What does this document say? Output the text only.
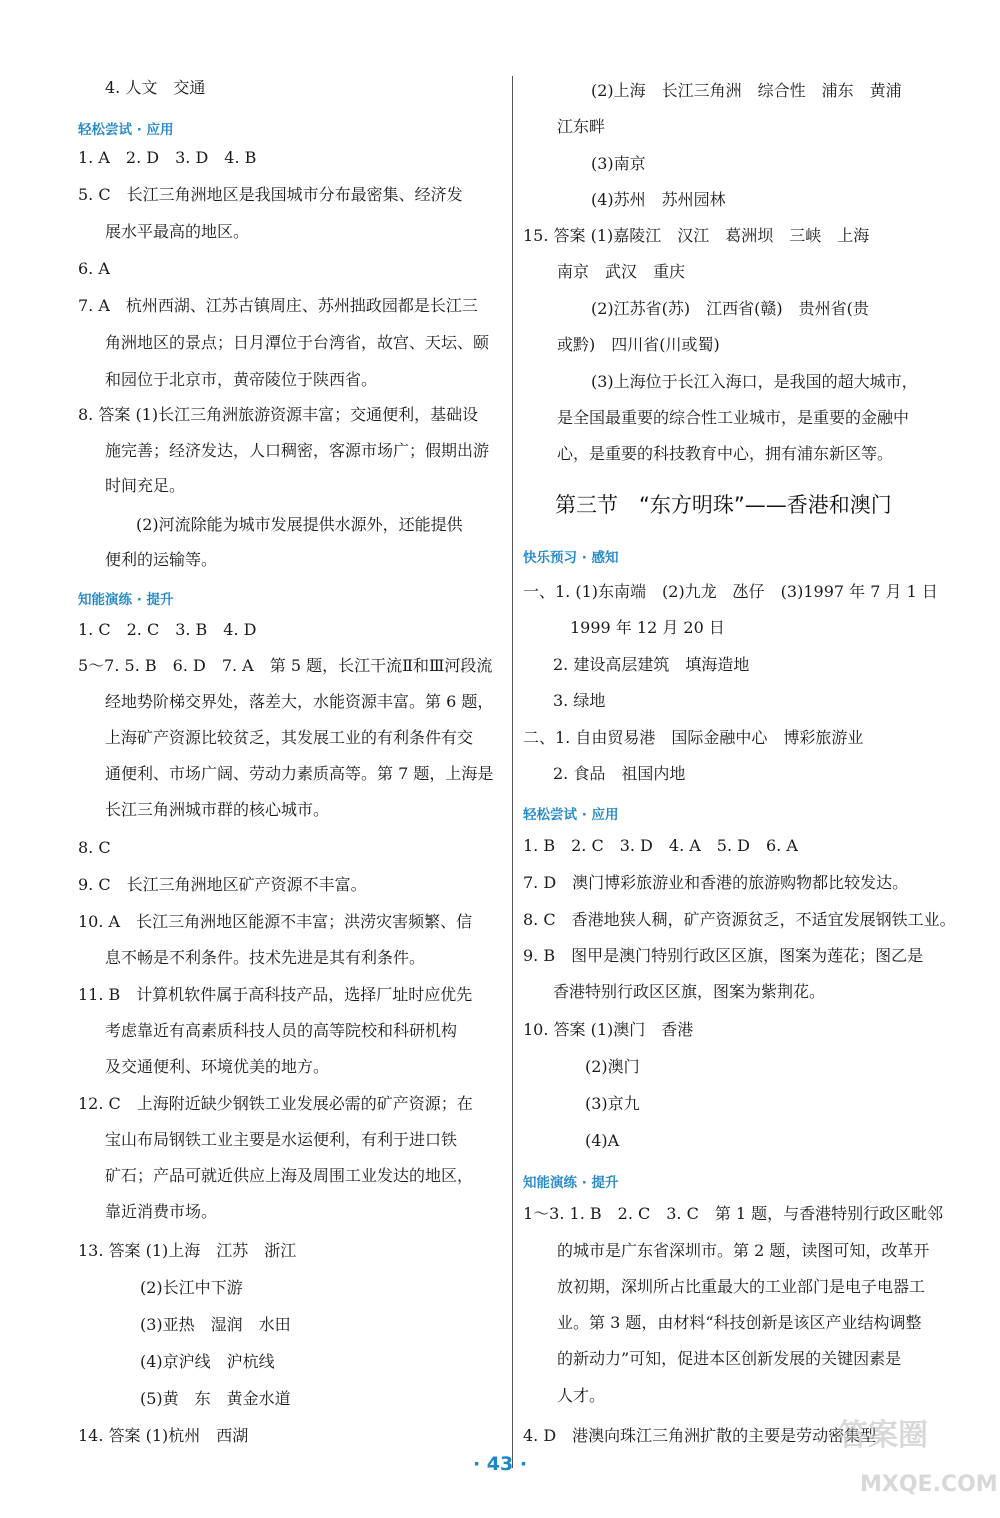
4. 人文　交通
轻松尝试 · 应用
1. A　2. D　3. D　4. B
5. C　长江三角洲地区是我国城市分布最密集、经济发
展水平最高的地区。
6. A
7. A　杭州西湖、江苏古镇周庄、苏州拙政园都是长江三
角洲地区的景点；日月潭位于台湾省，故宫、天坛、颐
和园位于北京市，黄帝陵位于陕西省。
8. 答案 (1)长江三角洲旅游资源丰富；交通便利，基础设
施完善；经济发达，人口稠密，客源市场广；假期出游
时间充足。
(2)河流除能为城市发展提供水源外，还能提供
便利的运输等。
知能演练 · 提升
1. C　2. C　3. B　4. D
5～7. 5. B　6. D　7. A　第 5 题，长江干流Ⅱ和Ⅲ河段流
经地势阶梯交界处，落差大，水能资源丰富。第 6 题，
上海矿产资源比较贫乏，其发展工业的有利条件有交
通便利、市场广阔、劳动力素质高等。第 7 题，上海是
长江三角洲城市群的核心城市。
8. C
9. C　长江三角洲地区矿产资源不丰富。
10. A　长江三角洲地区能源不丰富；洪涝灾害频繁、信
息不畅是不利条件。技术先进是其有利条件。
11. B　计算机软件属于高科技产品，选择厂址时应优先
考虑靠近有高素质科技人员的高等院校和科研机构
及交通便利、环境优美的地方。
12. C　上海附近缺少钢铁工业发展必需的矿产资源；在
宝山布局钢铁工业主要是水运便利，有利于进口铁
矿石；产品可就近供应上海及周围工业发达的地区，
靠近消费市场。
13. 答案 (1)上海　江苏　浙江
(2)长江中下游
(3)亚热　湿润　水田
(4)京沪线　沪杭线
(5)黄　东　黄金水道
14. 答案 (1)杭州　西湖
(2)上海　长江三角洲　综合性　浦东　黄浦
江东畔
(3)南京
(4)苏州　苏州园林
15. 答案 (1)嘉陵江　汉江　葛洲坝　三峡　上海
南京　武汉　重庆
(2)江苏省(苏)　江西省(赣)　贵州省(贵
或黔)　四川省(川或蜀)
(3)上海位于长江入海口，是我国的超大城市，
是全国最重要的综合性工业城市，是重要的金融中
心，是重要的科技教育中心，拥有浦东新区等。
第三节　“东方明珠”——香港和澳门
快乐预习 · 感知
一、1. (1)东南端　(2)九龙　氹仔　(3)1997 年 7 月 1 日
1999 年 12 月 20 日
2. 建设高层建筑　填海造地
3. 绿地
二、1. 自由贸易港　国际金融中心　博彩旅游业
2. 食品　祖国内地
轻松尝试 · 应用
1. B　2. C　3. D　4. A　5. D　6. A
7. D　澳门博彩旅游业和香港的旅游购物都比较发达。
8. C　香港地狭人稠，矿产资源贫乏，不适宜发展钢铁工业。
9. B　图甲是澳门特别行政区区旗，图案为莲花；图乙是
香港特别行政区区旗，图案为紫荆花。
10. 答案 (1)澳门　香港
(2)澳门
(3)京九
(4)A
知能演练 · 提升
1～3. 1. B　2. C　3. C　第 1 题，与香港特别行政区毗邻
的城市是广东省深圳市。第 2 题，读图可知，改革开
放初期，深圳所占比重最大的工业部门是电子电器工
业。第 3 题，由材料“科技创新是该区产业结构调整
的新动力”可知，促进本区创新发展的关键因素是
人才。
4. D　港澳向珠江三角洲扩散的主要是劳动密集型
· 43 ·
答案圈
MXQE.COM
